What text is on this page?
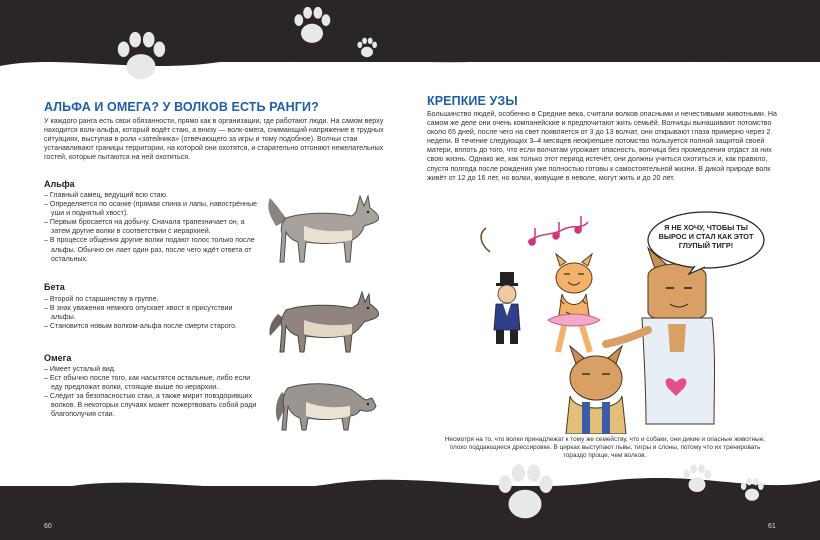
АЛЬФА И ОМЕГА? У ВОЛКОВ ЕСТЬ РАНГИ?
У каждого ранга есть свои обязанности, прямо как в организации, где работают люди. На самом верху находится волк-альфа, который водёт стаю, а внизу — волк-омега, снимающий напряжение в трудных ситуациях, выступая в роли «затейника» (отвечающего за игры и тому подобное). Волчьи стаи устанавливают границы территории, на которой они охотятся, и старательно отгоняют нежелательных гостей, которые пытаются на ней охотиться.
Альфа
– Главный самец, ведущий всю стаю.
– Определяется по осанке (прямая спина и лапы, навострённые уши и поднятый хвост).
– Первым бросается на добычу. Сначала трапезничает он, а затем другие волки в соответствии с иерархией.
– В процессе общения другие волки подают голос только после альфы. Обычно он лает один раз, после чего ждёт ответа от остальных.
Бета
– Второй по старшинству в группе.
– В знак уважения немного опускает хвост в присутствии альфы.
– Становится новым волком-альфа после смерти старого.
Омега
– Имеет усталый вид.
– Ест обычно после того, как насытятся остальные, либо если еду предложат волки, стоящие выше по иерархии.
– Следит за безопасностью стаи, а также мирит повздоривших волков. В некоторых случаях может пожертвовать собой ради благополучия стаи.
60
КРЕПКИЕ УЗЫ
Большинство людей, особенно в Средние века, считали волков опасными и нечестивыми животными. На самом же деле они очень компанейские и предпочитают жить семьёй. Волчицы вынашивают потомство около 65 дней, после чего на свет появляется от 3 до 13 волчат, они открывают глаза примерно через 2 недели. В течение следующих 3–4 месяцев неокрепшее потомство пользуется полной защитой своей матери, вплоть до того, что если волчатам угрожает опасность, волчица без промедления отдаст за них свою жизнь. Однако же, как только этот период истечёт, они должны учиться охотиться и, как правило, спустя полгода после рождения уже полностью готовы к самостоятельной жизни. В дикой природе волк живёт от 12 до 16 лет, но волки, живущие в неволе, могут жить и до 20 лет.
Я НЕ ХОЧУ, ЧТОБЫ ТЫ ВЫРОС И СТАЛ КАК ЭТОТ ГЛУПЫЙ ТИГР!
Несмотря на то, что волки принадлежат к тому же семейству, что и собаки, они дикие и опасные животные, плохо поддающиеся дрессировке. В цирках выступают львы, тигры и слоны, потому что их тренировать гораздо проще, чем волков.
61
